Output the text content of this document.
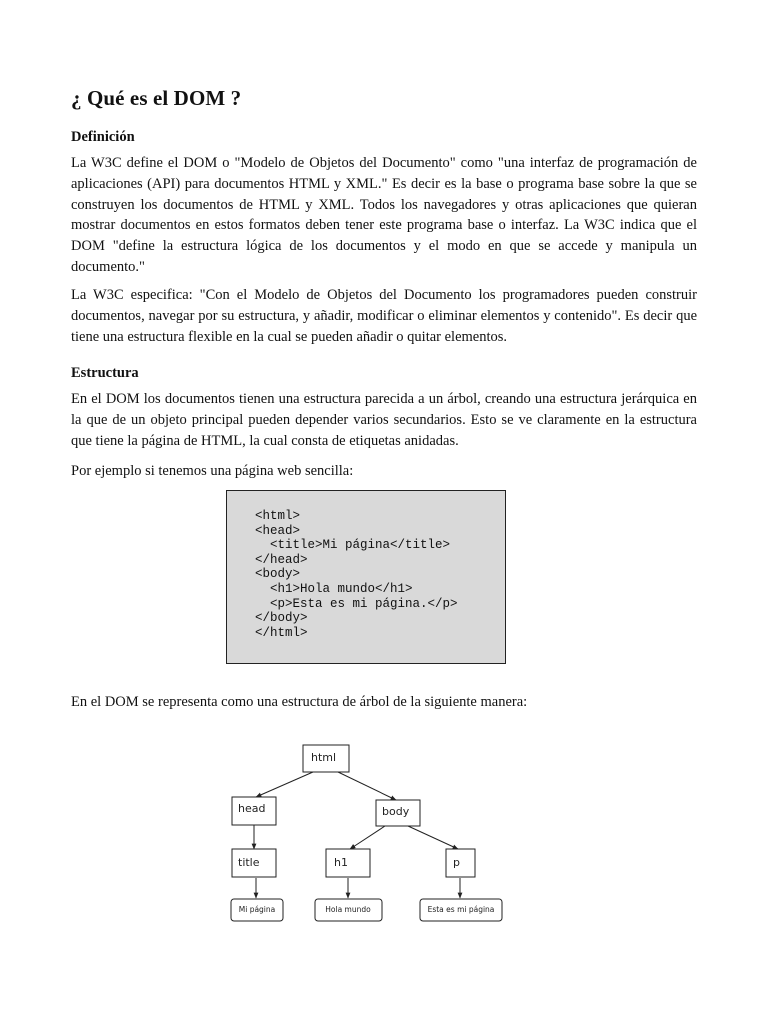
¿ Qué es el DOM ?
Definición

La W3C define el DOM o "Modelo de Objetos del Documento" como "una interfaz de programación de aplicaciones (API) para documentos HTML y XML." Es decir es la base o programa base sobre la que se construyen los documentos de HTML y XML. Todos los navegadores y otras aplicaciones que quieran mostrar documentos en estos formatos deben tener este programa base o interfaz. La W3C indica que el DOM "define la estructura lógica de los documentos y el modo en que se accede y manipula un documento."

La W3C especifica: "Con el Modelo de Objetos del Documento los programadores pueden construir documentos, navegar por su estructura, y añadir, modificar o eliminar elementos y contenido". Es decir que tiene una estructura flexible en la cual se pueden añadir o quitar elementos.

Estructura

En el DOM los documentos tienen una estructura parecida a un árbol, creando una estructura jerárquica en la que de un objeto principal pueden depender varios secundarios. Esto se ve claramente en la estructura que tiene la página de HTML, la cual consta de etiquetas anidadas.

Por ejemplo si tenemos una página web sencilla:

<html>
<head>
<title>Mi página</title>
</head>
<body>
<h1>Hola mundo</h1>
<p>Esta es mi página.</p>
</body>
</html>

En el DOM se representa como una estructura de árbol de la siguiente manera:

html
head	body
title	h1	p
Mi página	Hola mundo	Esta es mi página
